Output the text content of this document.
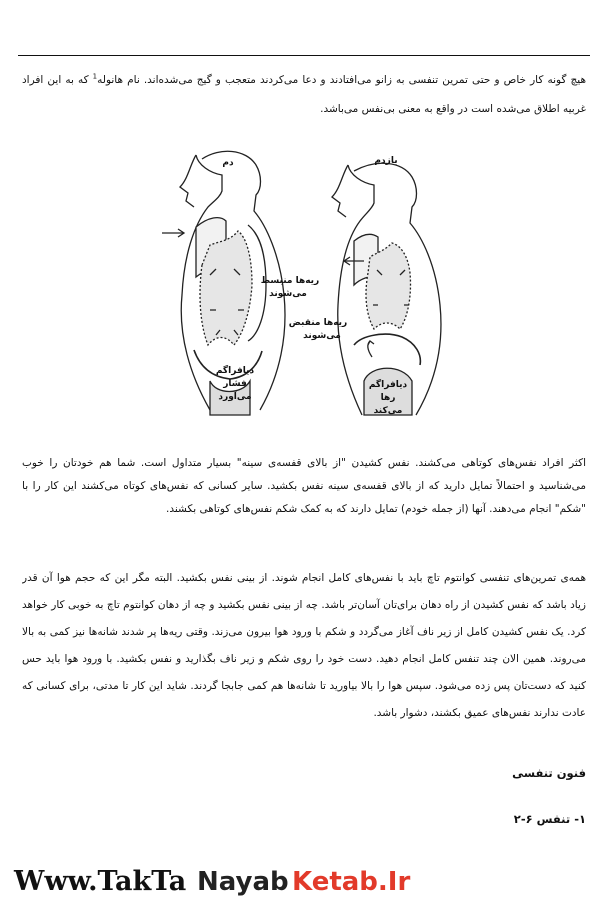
هیچ گونه کار خاص و حتی تمرین تنفسی به زانو می‌افتادند و دعا می‌کردند متعجب و گیج می‌شده‌اند. نام هانوله$^1$ که به این افراد
غربیه اطلاق می‌شده است در واقع به معنی بی‌نفس می‌باشد.
دم	بازدم
ریه‌ها منبسط
می‌شوند
دیافراگم
فشار
می‌آورد
ریه‌ها منقبض
می‌شوند
دیافراگم
رها
می‌کند
اکثر افراد نفس‌های کوتاهی می‌کشند. نفس کشیدن "از بالای قفسه‌ی سینه" بسیار متداول است. شما هم خودتان را خوب
می‌شناسید و احتمالاً تمایل دارید که از بالای قفسه‌ی سینه نفس بکشید. سایر کسانی که نفس‌های کوتاه می‌کشند این کار را با
"شکم" انجام می‌دهند. آنها (از جمله خودم) تمایل دارند که به کمک شکم نفس‌های کوتاهی بکشند.
همه‌ی تمرین‌های تنفسی کوانتوم تاچ باید با نفس‌های کامل انجام شوند. از بینی نفس بکشید. البته مگر این که حجم هوا آن قدر
زیاد باشد که نفس کشیدن از راه دهان برای‌تان آسان‌تر باشد. چه از بینی نفس بکشید و چه از دهان کوانتوم تاچ به خوبی کار خواهد
کرد. یک نفس کشیدن کامل از زیر ناف آغاز می‌گردد و شکم با ورود هوا بیرون می‌زند. وقتی ریه‌ها پر شدند شانه‌ها نیز کمی به بالا
می‌روند. همین الان چند تنفس کامل انجام دهید. دست خود را روی شکم و زیر ناف بگذارید و نفس بکشید. با ورود هوا باید حس
کنید که دست‌تان پس زده می‌شود. سپس هوا را بالا بیاورید تا شانه‌ها هم کمی جابجا گردند. شاید این کار تا مدتی، برای کسانی که
عادت ندارند نفس‌های عمیق بکشند، دشوار باشد.

فنون تنفسی

۱- تنفس ۶-۲

Www.TakTa Nayab Ketab.Ir
